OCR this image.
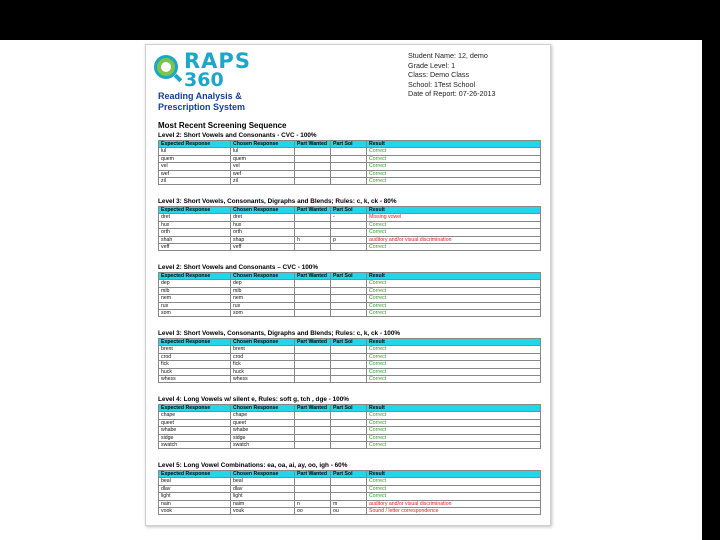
RAPS
360
Reading Analysis &
Prescription System
Student Name: 12, demo
Grade Level: 1
Class: Demo Class
School: 1Test School
Date of Report: 07-26-2013
Most Recent Screening Sequence
Level 2: Short Vowels and Consonants - CVC - 100%
Expected Response	Chosen Response	Part Wanted	Part Sol	Result
lul	lul			Correct
quem	quem			Correct
vel	vel			Correct
wef	wef			Correct
zil	zil			Correct
Level 3: Short Vowels, Consonants, Digraphs and Blends; Rules: c, k, ck - 80%
Expected Response	Chosen Response	Part Wanted	Part Sol	Result
dret	dret		-	Missing vowel
hux	hux			Correct
orth	orth			Correct
shah	shap	h	p	auditory and/or visual discrimination
veff	veff			Correct
Level 2: Short Vowels and Consonants – CVC - 100%
Expected Response	Chosen Response	Part Wanted	Part Sol	Result
dep	dep			Correct
mib	mib			Correct
nem	nem			Correct
rux	rux			Correct
som	som			Correct
Level 3: Short Vowels, Consonants, Digraphs and Blends; Rules: c, k, ck - 100%
Expected Response	Chosen Response	Part Wanted	Part Sol	Result
brent	brent			Correct
crod	crod			Correct
fick	fick			Correct
huck	huck			Correct
whess	whess			Correct
Level 4: Long Vowels w/ silent e, Rules: soft g, tch , dge - 100%
Expected Response	Chosen Response	Part Wanted	Part Sol	Result
chape	chape			Correct
queet	queet			Correct
whabe	whabe			Correct
sidge	sidge			Correct
swatch	swatch			Correct
Level 5: Long Vowel Combinations: ea, oa, ai, ay, oo, igh - 60%
Expected Response	Chosen Response	Part Wanted	Part Sol	Result
beal	beal			Correct
dlav	dlav			Correct
light	light			Correct
nain	naim	n	m	auditory and/or visual discrimination
vook	vouk	oo	ou	Sound / letter correspondence
